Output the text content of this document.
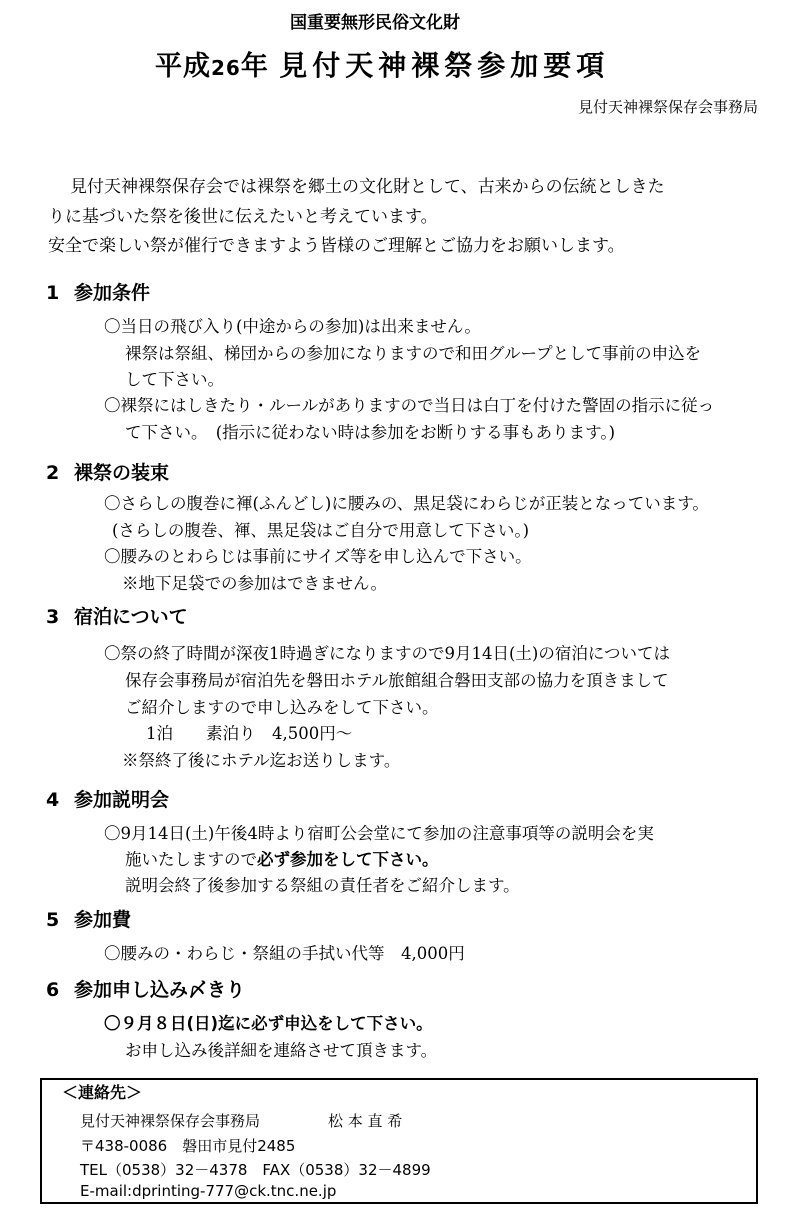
国重要無形民俗文化財
平成26年 見付天神裸祭参加要項
見付天神裸祭保存会事務局
見付天神裸祭保存会では裸祭を郷土の文化財として、古来からの伝統としきた
りに基づいた祭を後世に伝えたいと考えています。
安全で楽しい祭が催行できますよう皆様のご理解とご協力をお願いします。
1 参加条件
〇当日の飛び入り(中途からの参加)は出来ません。
裸祭は祭組、梯団からの参加になりますので和田グループとして事前の申込を
して下さい。
〇裸祭にはしきたり・ルールがありますので当日は白丁を付けた警固の指示に従っ
て下さい。　(指示に従わない時は参加をお断りする事もあります。)
2 裸祭の装束
〇さらしの腹巻に褌(ふんどし)に腰みの、黒足袋にわらじが正装となっています。
(さらしの腹巻、褌、黒足袋はご自分で用意して下さい。)
〇腰みのとわらじは事前にサイズ等を申し込んで下さい。
※地下足袋での参加はできません。
3 宿泊について
〇祭の終了時間が深夜1時過ぎになりますので9月14日(土)の宿泊については
保存会事務局が宿泊先を磐田ホテル旅館組合磐田支部の協力を頂きまして
ご紹介しますので申し込みをして下さい。
1泊　　素泊り　4,500円～
※祭終了後にホテル迄お送りします。
4 参加説明会
〇9月14日(土)午後4時より宿町公会堂にて参加の注意事項等の説明会を実
施いたしますので必ず参加をして下さい。
説明会終了後参加する祭組の責任者をご紹介します。
5 参加費
〇腰みの・わらじ・祭組の手拭い代等　4,000円
6 参加申し込み〆きり
〇９月８日(日)迄に必ず申込をして下さい。
お申し込み後詳細を連絡させて頂きます。
＜連絡先＞
見付天神裸祭保存会事務局	松 本 直 希
〒438-0086　磐田市見付2485
TEL（0538）32－4378　FAX（0538）32－4899
E-mail:dprinting-777@ck.tnc.ne.jp
